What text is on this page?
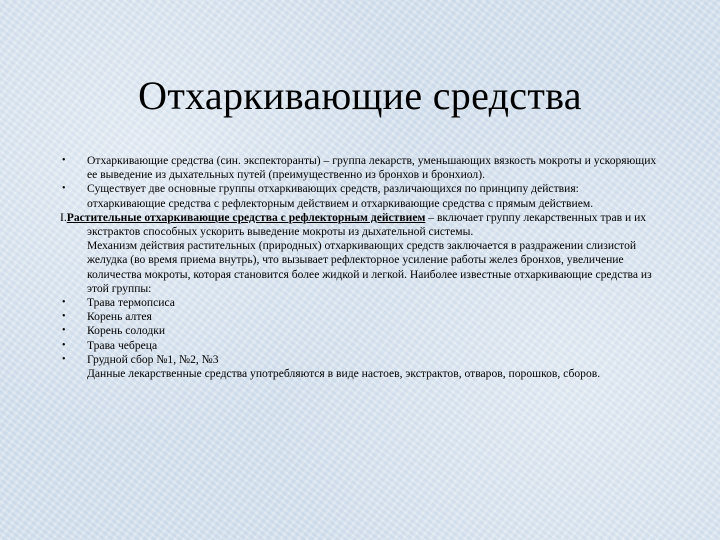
Отхаркивающие средства

•	Отхаркивающие средства (син. экспекторанты) – группа лекарств, уменьшающих вязкость мокроты и ускоряющих ее выведение из дыхательных путей (преимущественно из бронхов и бронхиол).

•	Существует две основные группы отхаркивающих средств, различающихся по принципу действия: отхаркивающие средства с рефлекторным действием и отхаркивающие средства с прямым действием.

I.Растительные отхаркивающие средства с рефлекторным действием – включает группу лекарственных трав и их экстрактов способных ускорить выведение мокроты из дыхательной системы.

Механизм действия растительных (природных) отхаркивающих средств заключается в раздражении слизистой желудка (во время приема внутрь), что вызывает рефлекторное усиление работы желез бронхов, увеличение количества мокроты, которая становится более жидкой и легкой. Наиболее известные отхаркивающие средства из этой группы:

•	Трава термопсиса

•	Корень алтея

•	Корень солодки

•	Трава чебреца

•	Грудной сбор №1, №2, №3

Данные лекарственные средства употребляются в виде настоев, экстрактов, отваров, порошков, сборов.
